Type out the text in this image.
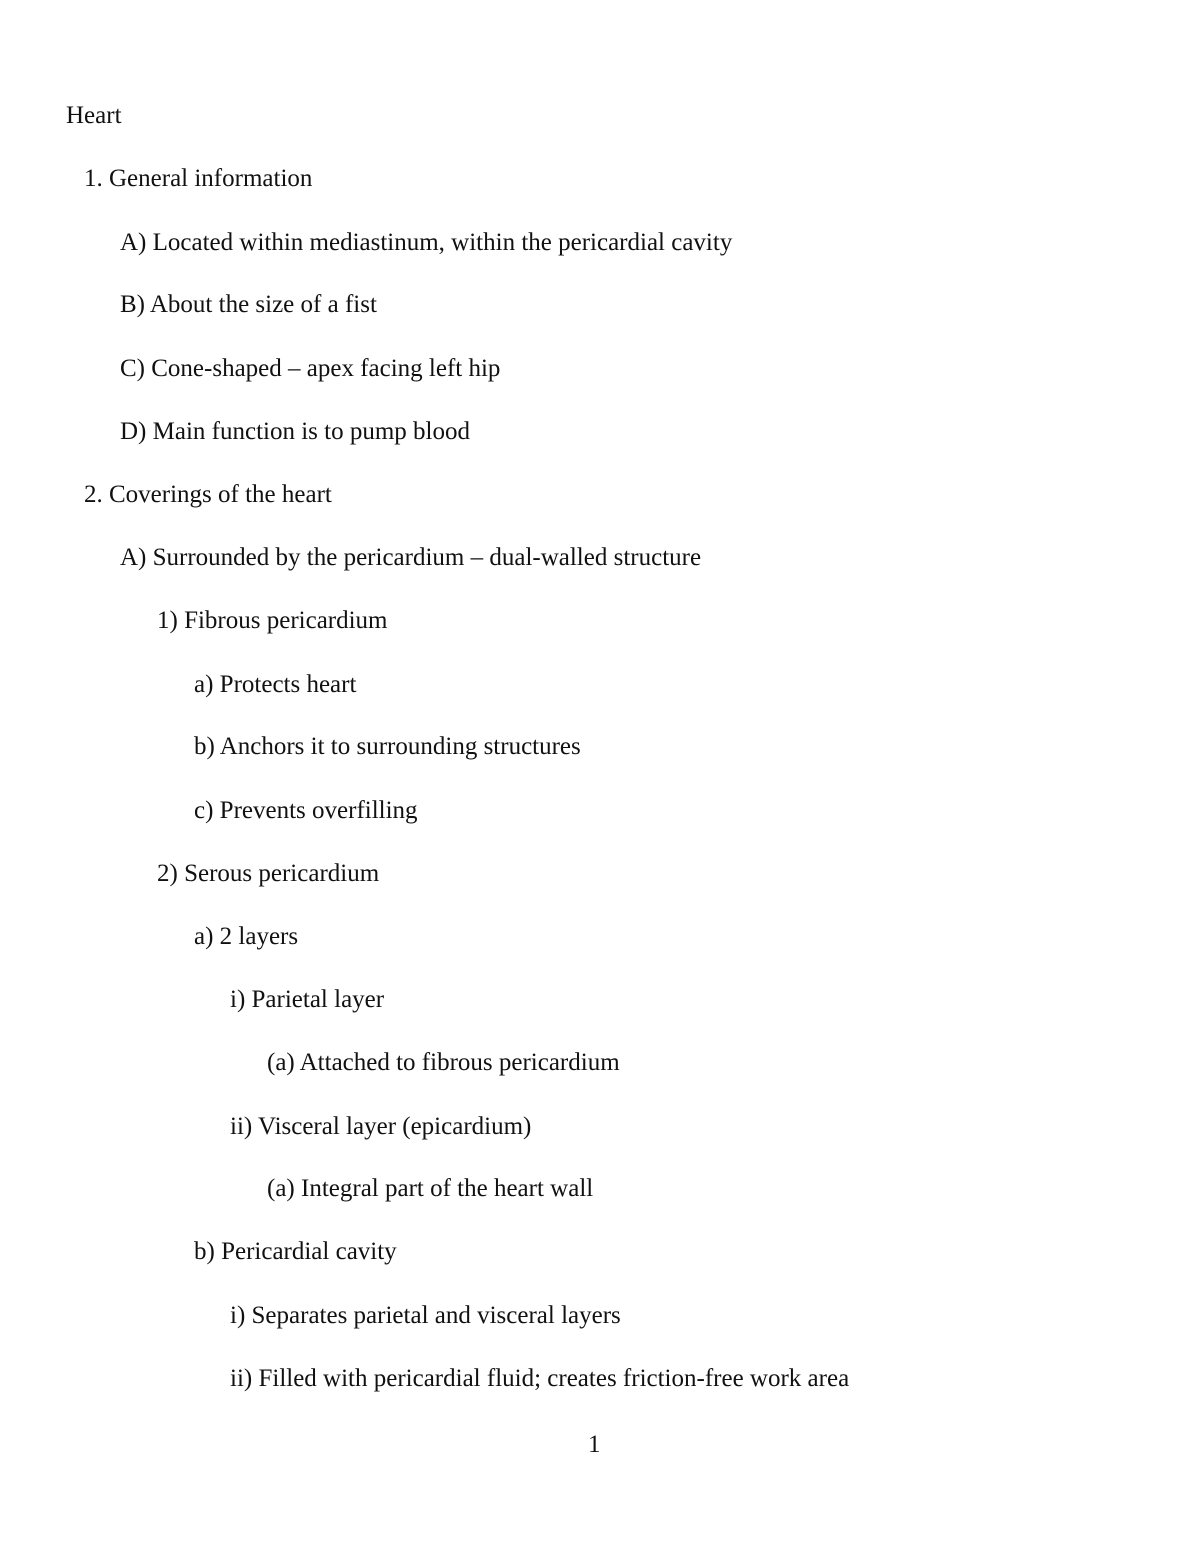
Heart
1. General information
A) Located within mediastinum, within the pericardial cavity
B) About the size of a fist
C) Cone-shaped – apex facing left hip
D) Main function is to pump blood
2. Coverings of the heart
A) Surrounded by the pericardium – dual-walled structure
1) Fibrous pericardium
a) Protects heart
b) Anchors it to surrounding structures
c) Prevents overfilling
2) Serous pericardium
a) 2 layers
i) Parietal layer
(a) Attached to fibrous pericardium
ii) Visceral layer (epicardium)
(a) Integral part of the heart wall
b) Pericardial cavity
i) Separates parietal and visceral layers
ii) Filled with pericardial fluid; creates friction-free work area
1
